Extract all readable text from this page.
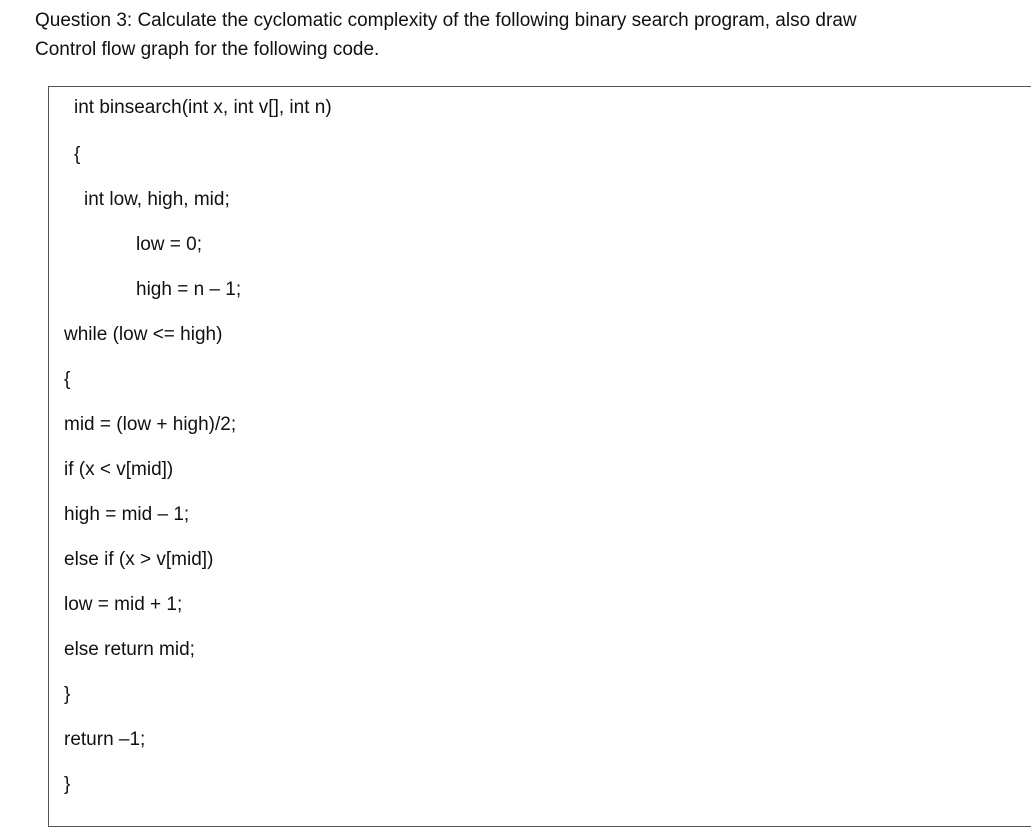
Question 3: Calculate the cyclomatic complexity of the following binary search program, also draw
Control flow graph for the following code.
int binsearch(int x, int v[], int n)
{
int low, high, mid;
low = 0;
high = n – 1;
while (low <= high)
{
mid = (low + high)/2;
if (x < v[mid])
high = mid – 1;
else if (x > v[mid])
low = mid + 1;
else return mid;
}
return –1;
}
